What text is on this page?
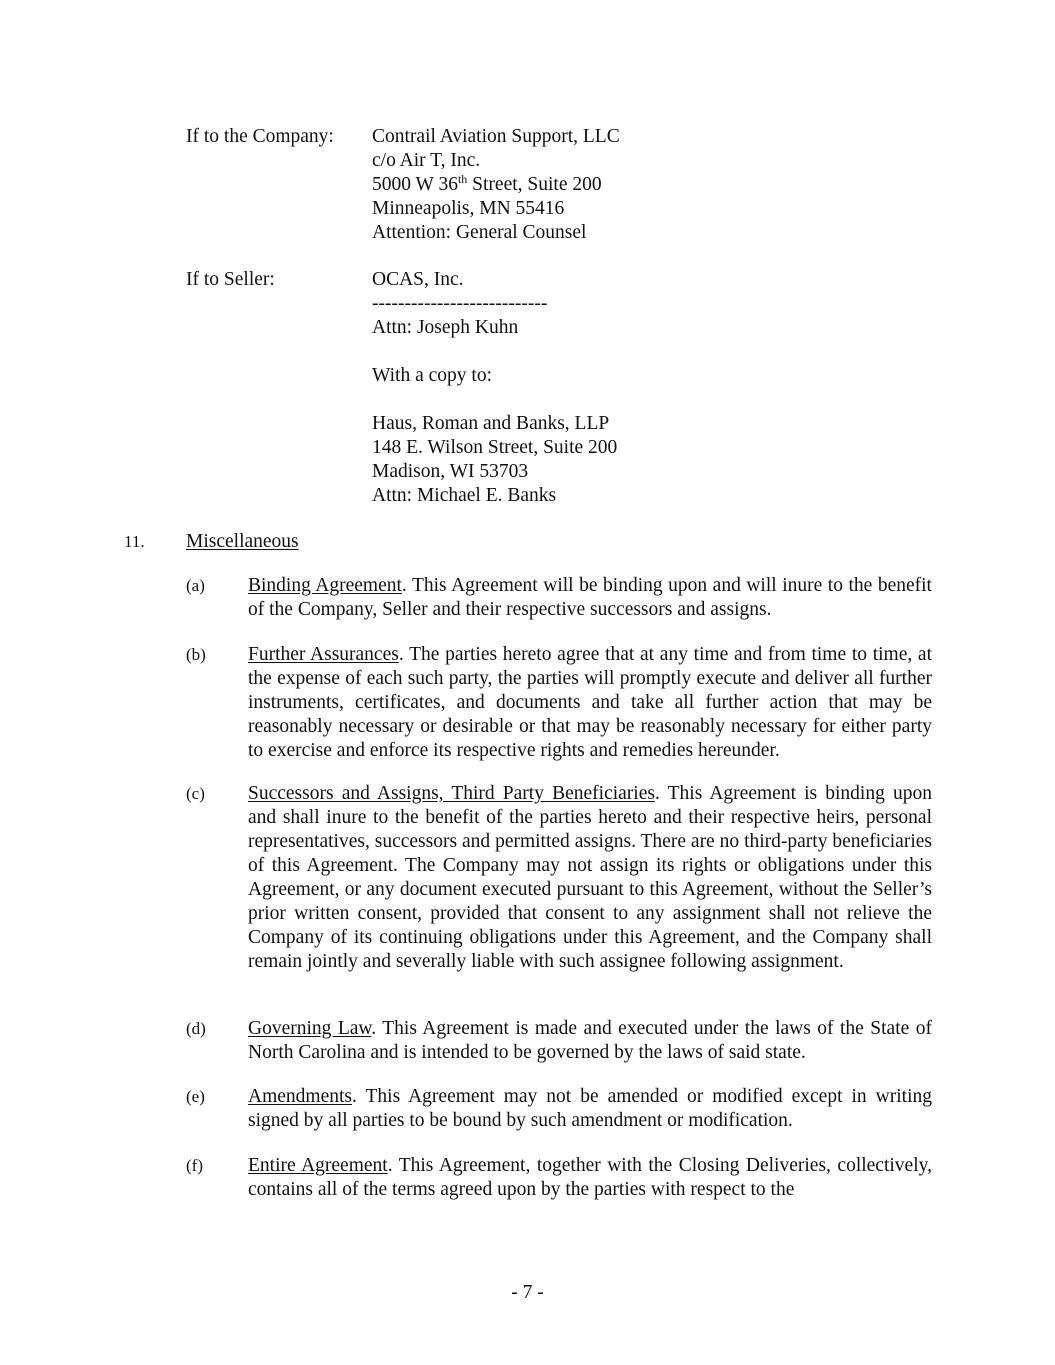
If to the Company: Contrail Aviation Support, LLC
c/o Air T, Inc.
5000 W 36th Street, Suite 200
Minneapolis, MN 55416
Attention: General Counsel
If to Seller:	OCAS, Inc.
---------------------------
Attn: Joseph Kuhn
With a copy to:
Haus, Roman and Banks, LLP
148 E. Wilson Street, Suite 200
Madison, WI 53703
Attn: Michael E. Banks
11. Miscellaneous
(a) Binding Agreement. This Agreement will be binding upon and will inure to the benefit of the Company, Seller and their respective successors and assigns.
(b) Further Assurances. The parties hereto agree that at any time and from time to time, at the expense of each such party, the parties will promptly execute and deliver all further instruments, certificates, and documents and take all further action that may be reasonably necessary or desirable or that may be reasonably necessary for either party to exercise and enforce its respective rights and remedies hereunder.
(c) Successors and Assigns, Third Party Beneficiaries. This Agreement is binding upon and shall inure to the benefit of the parties hereto and their respective heirs, personal representatives, successors and permitted assigns. There are no third-party beneficiaries of this Agreement. The Company may not assign its rights or obligations under this Agreement, or any document executed pursuant to this Agreement, without the Seller’s prior written consent, provided that consent to any assignment shall not relieve the Company of its continuing obligations under this Agreement, and the Company shall remain jointly and severally liable with such assignee following assignment.
(d) Governing Law. This Agreement is made and executed under the laws of the State of North Carolina and is intended to be governed by the laws of said state.
(e) Amendments. This Agreement may not be amended or modified except in writing signed by all parties to be bound by such amendment or modification.
(f) Entire Agreement. This Agreement, together with the Closing Deliveries, collectively, contains all of the terms agreed upon by the parties with respect to the
- 7 -
